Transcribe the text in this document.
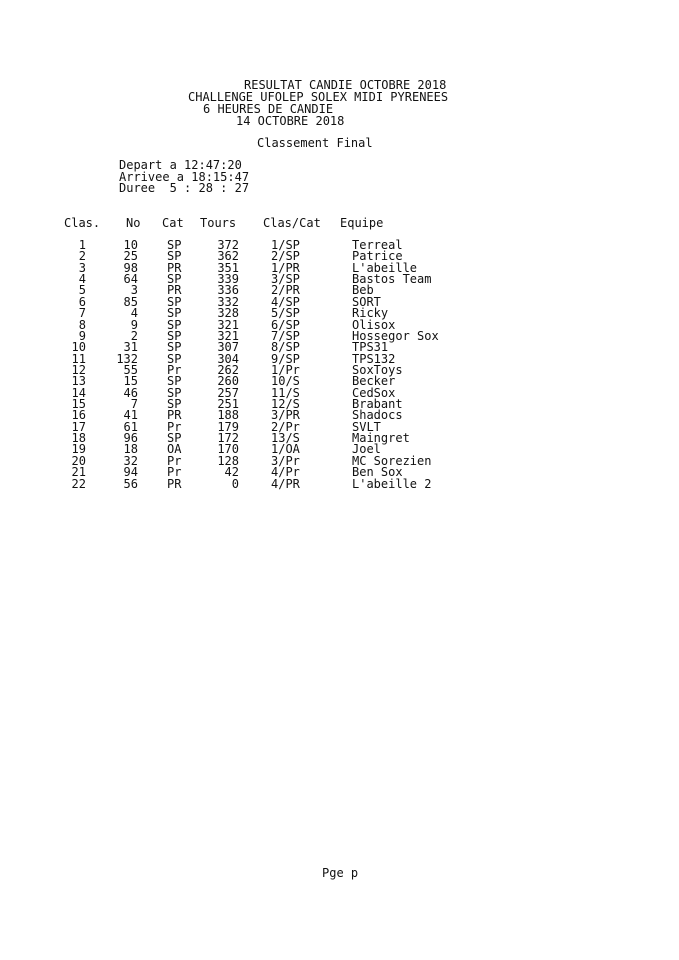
RESULTAT CANDIE OCTOBRE 2018
CHALLENGE UFOLEP SOLEX MIDI PYRENEES
6 HEURES DE CANDIE
14 OCTOBRE 2018
Classement Final
Depart a 12:47:20
Arrivee a 18:15:47
Duree  5 : 28 : 27
Clas. No Cat Tours Clas/Cat Equipe
1	10 SP	372	1/SP	Terreal
2	25 SP	362	2/SP	Patrice
3	98 PR	351	1/PR	L'abeille
4	64 SP	339	3/SP	Bastos Team
5	3 PR	336	2/PR	Beb
6	85 SP	332	4/SP	SORT
7	4 SP	328	5/SP	Ricky
8	9 SP	321	6/SP	Olisox
9	2 SP	321	7/SP	Hossegor Sox
10	31 SP	307	8/SP	TPS31
11	132 SP	304	9/SP	TPS132
12	55 Pr	262	1/Pr	SoxToys
13	15 SP	260	10/S	Becker
14	46 SP	257	11/S	CedSox
15	7 SP	251	12/S	Brabant
16	41 PR	188	3/PR	Shadocs
17	61 Pr	179	2/Pr	SVLT
18	96 SP	172	13/S	Maingret
19	18 OA	170	1/OA	Joel
20	32 Pr	128	3/Pr	MC Sorezien
21	94 Pr	42	4/Pr	Ben Sox
22	56 PR	0	4/PR	L'abeille 2
Pge p
